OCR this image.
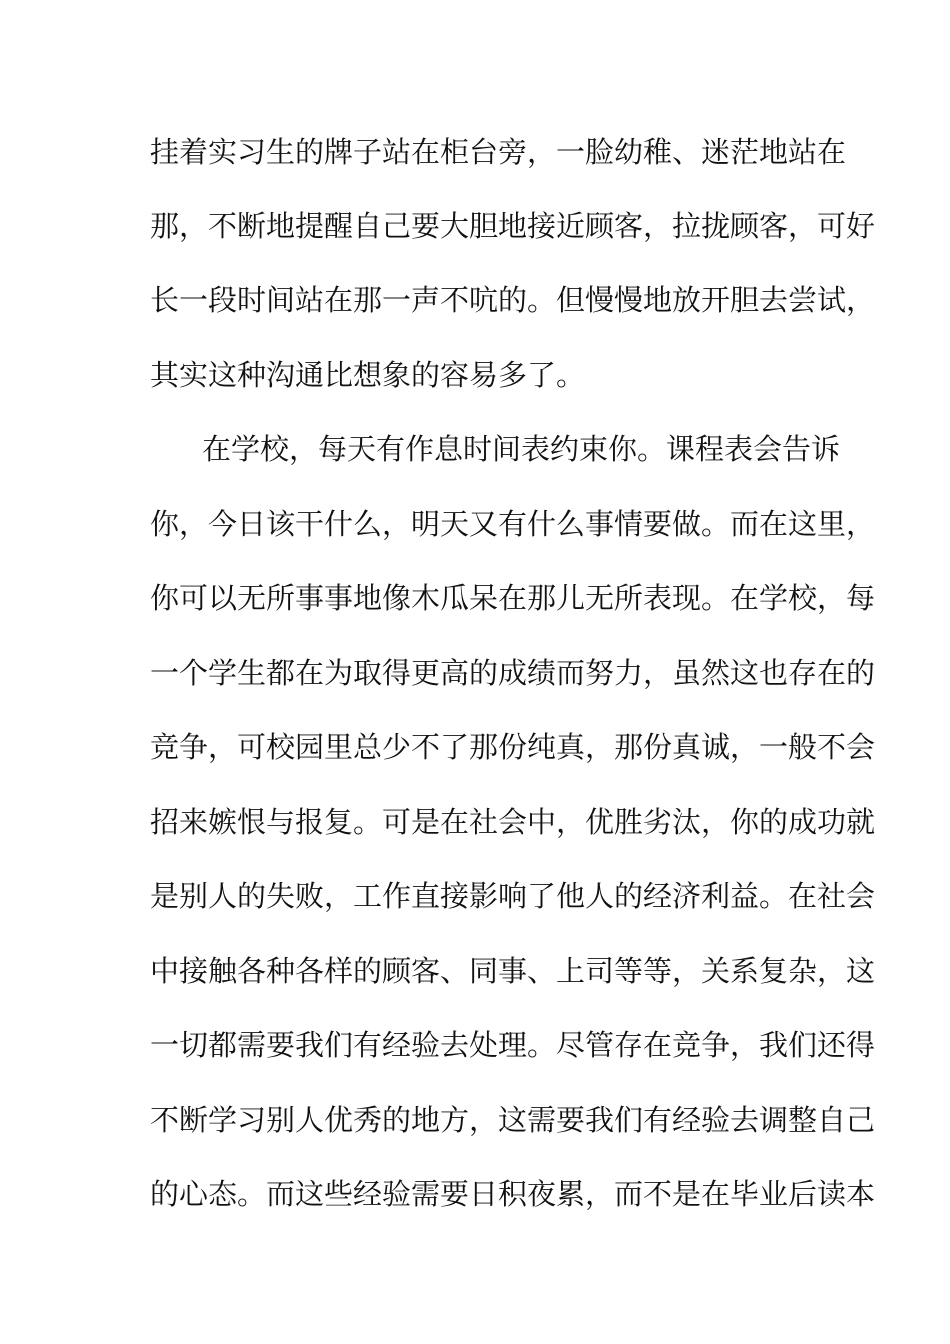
挂着实习生的牌子站在柜台旁，一脸幼稚、迷茫地站在
那，不断地提醒自己要大胆地接近顾客，拉拢顾客，可好
长一段时间站在那一声不吭的。但慢慢地放开胆去尝试，
其实这种沟通比想象的容易多了。
在学校，每天有作息时间表约束你。课程表会告诉
你，今日该干什么，明天又有什么事情要做。而在这里，
你可以无所事事地像木瓜呆在那儿无所表现。在学校，每
一个学生都在为取得更高的成绩而努力，虽然这也存在的
竞争，可校园里总少不了那份纯真，那份真诚，一般不会
招来嫉恨与报复。可是在社会中，优胜劣汰，你的成功就
是别人的失败，工作直接影响了他人的经济利益。在社会
中接触各种各样的顾客、同事、上司等等，关系复杂，这
一切都需要我们有经验去处理。尽管存在竞争，我们还得
不断学习别人优秀的地方，这需要我们有经验去调整自己
的心态。而这些经验需要日积夜累，而不是在毕业后读本
